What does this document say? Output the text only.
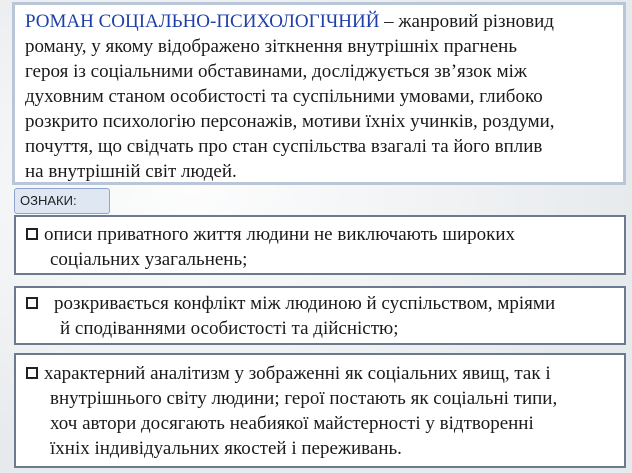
РОМАН СОЦІАЛЬНО-ПСИХОЛОГІЧНИЙ – жанровий різновид
роману, у якому відображено зіткнення внутрішніх прагнень
героя із соціальними обставинами, досліджується зв’язок між
духовним станом особистості та суспільними умовами, глибоко
розкрито психологію персонажів, мотиви їхніх учинків, роздуми,
почуття, що свідчать про стан суспільства взагалі та його вплив
на внутрішній світ людей.
ОЗНАКИ:
описи приватного життя людини не виключають широких
соціальних узагальнень;
розкривається конфлікт між людиною й суспільством, мріями
й сподіваннями особистості та дійсністю;
характерний аналітизм у зображенні як соціальних явищ, так і
внутрішнього світу людини; герої постають як соціальні типи,
хоч автори досягають неабиякої майстерності у відтворенні
їхніх індивідуальних якостей і переживань.
